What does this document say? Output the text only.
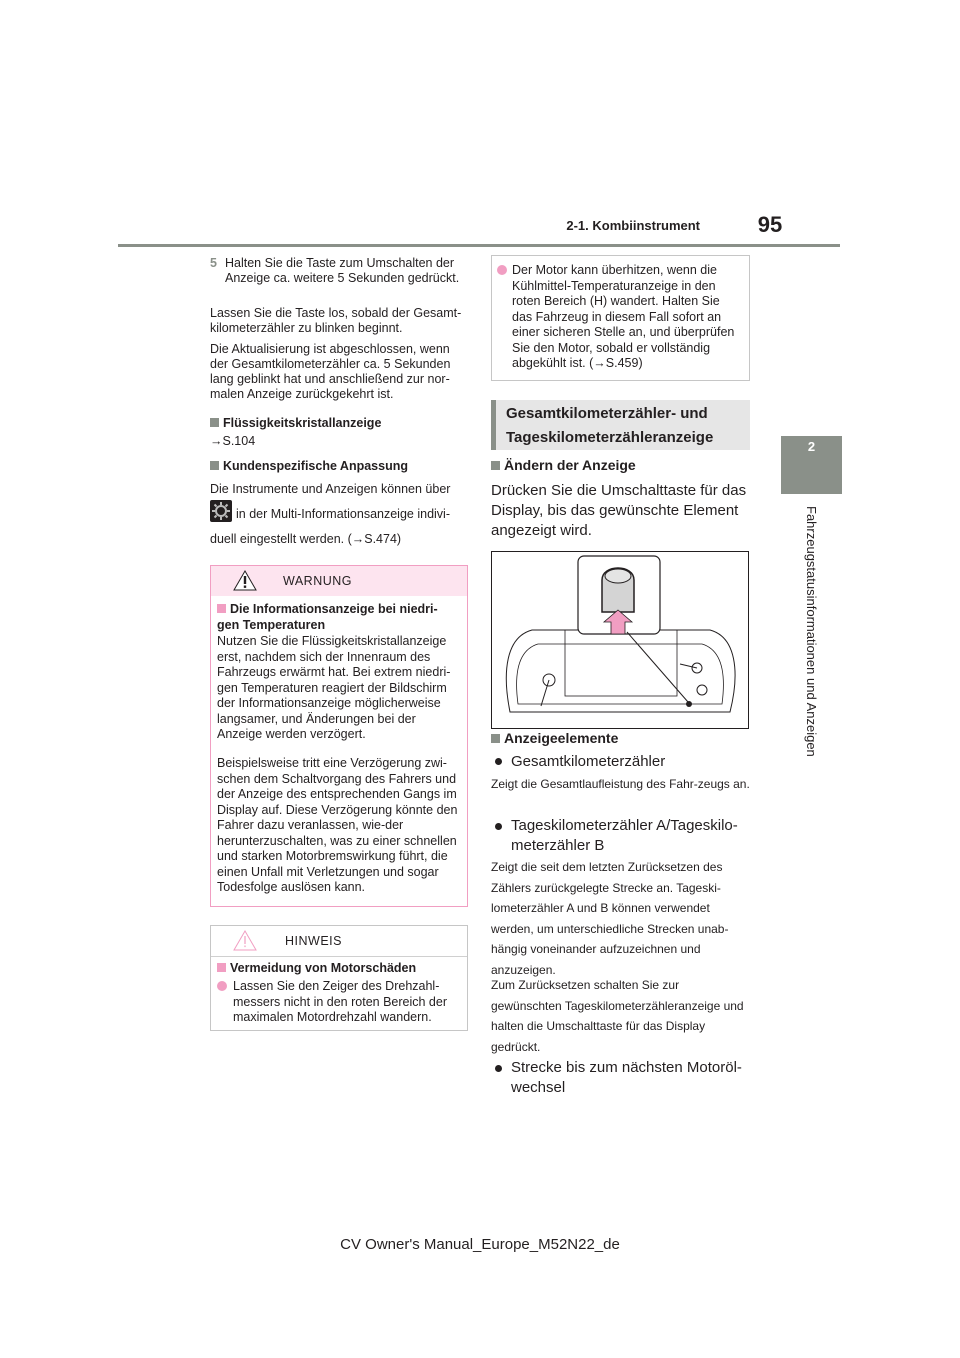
2-1. Kombiinstrument	95
2
Fahrzeugstatusinformationen und Anzeigen
5 Halten Sie die Taste zum Umschalten der Anzeige ca. weitere 5 Sekunden gedrückt.

Lassen Sie die Taste los, sobald der Gesamt-kilometerzähler zu blinken beginnt.

Die Aktualisierung ist abgeschlossen, wenn der Gesamtkilometerzähler ca. 5 Sekunden lang geblinkt hat und anschließend zur nor-malen Anzeige zurückgekehrt ist.

Flüssigkeitskristallanzeige

→S.104

Kundenspezifische Anpassung

Die Instrumente und Anzeigen können über

in der Multi-Informationsanzeige indivi-

duell eingestellt werden. (→S.474)

WARNUNG
Die Informationsanzeige bei niedri-gen Temperaturen

Nutzen Sie die Flüssigkeitskristallanzeige erst, nachdem sich der Innenraum des Fahrzeugs erwärmt hat. Bei extrem niedri-gen Temperaturen reagiert der Bildschirm der Informationsanzeige möglicherweise langsamer, und Änderungen bei der Anzeige werden verzögert.

Beispielsweise tritt eine Verzögerung zwi-schen dem Schaltvorgang des Fahrers und der Anzeige des entsprechenden Gangs im Display auf. Diese Verzögerung könnte den Fahrer dazu veranlassen, wie-der herunterzuschalten, was zu einer schnellen und starken Motorbremswirkung führt, die einen Unfall mit Verletzungen und sogar Todesfolge auslösen kann.

HINWEIS
Vermeidung von Motorschäden

Lassen Sie den Zeiger des Drehzahl-messers nicht in den roten Bereich der maximalen Motordrehzahl wandern.

Der Motor kann überhitzen, wenn die Kühlmittel-Temperaturanzeige in den roten Bereich (H) wandert. Halten Sie das Fahrzeug in diesem Fall sofort an einer sicheren Stelle an, und überprüfen Sie den Motor, sobald er vollständig abgekühlt ist. (→S.459)

Gesamtkilometerzähler- und
Tageskilometerzähleranzeige
Ändern der Anzeige

Drücken Sie die Umschalttaste für das Display, bis das gewünschte Element angezeigt wird.

Anzeigeelemente
Gesamtkilometerzähler

Zeigt die Gesamtlaufleistung des Fahr-zeugs an.

Tageskilometerzähler A/Tageskilo-meterzähler B

Zeigt die seit dem letzten Zurücksetzen des Zählers zurückgelegte Strecke an. Tageski-lometerzähler A und B können verwendet werden, um unterschiedliche Strecken unab-hängig voneinander aufzuzeichnen und anzuzeigen.

Zum Zurücksetzen schalten Sie zur gewünschten Tageskilometerzähleranzeige und halten die Umschalttaste für das Display gedrückt.

Strecke bis zum nächsten Motoröl-wechsel

CV Owner's Manual_Europe_M52N22_de
